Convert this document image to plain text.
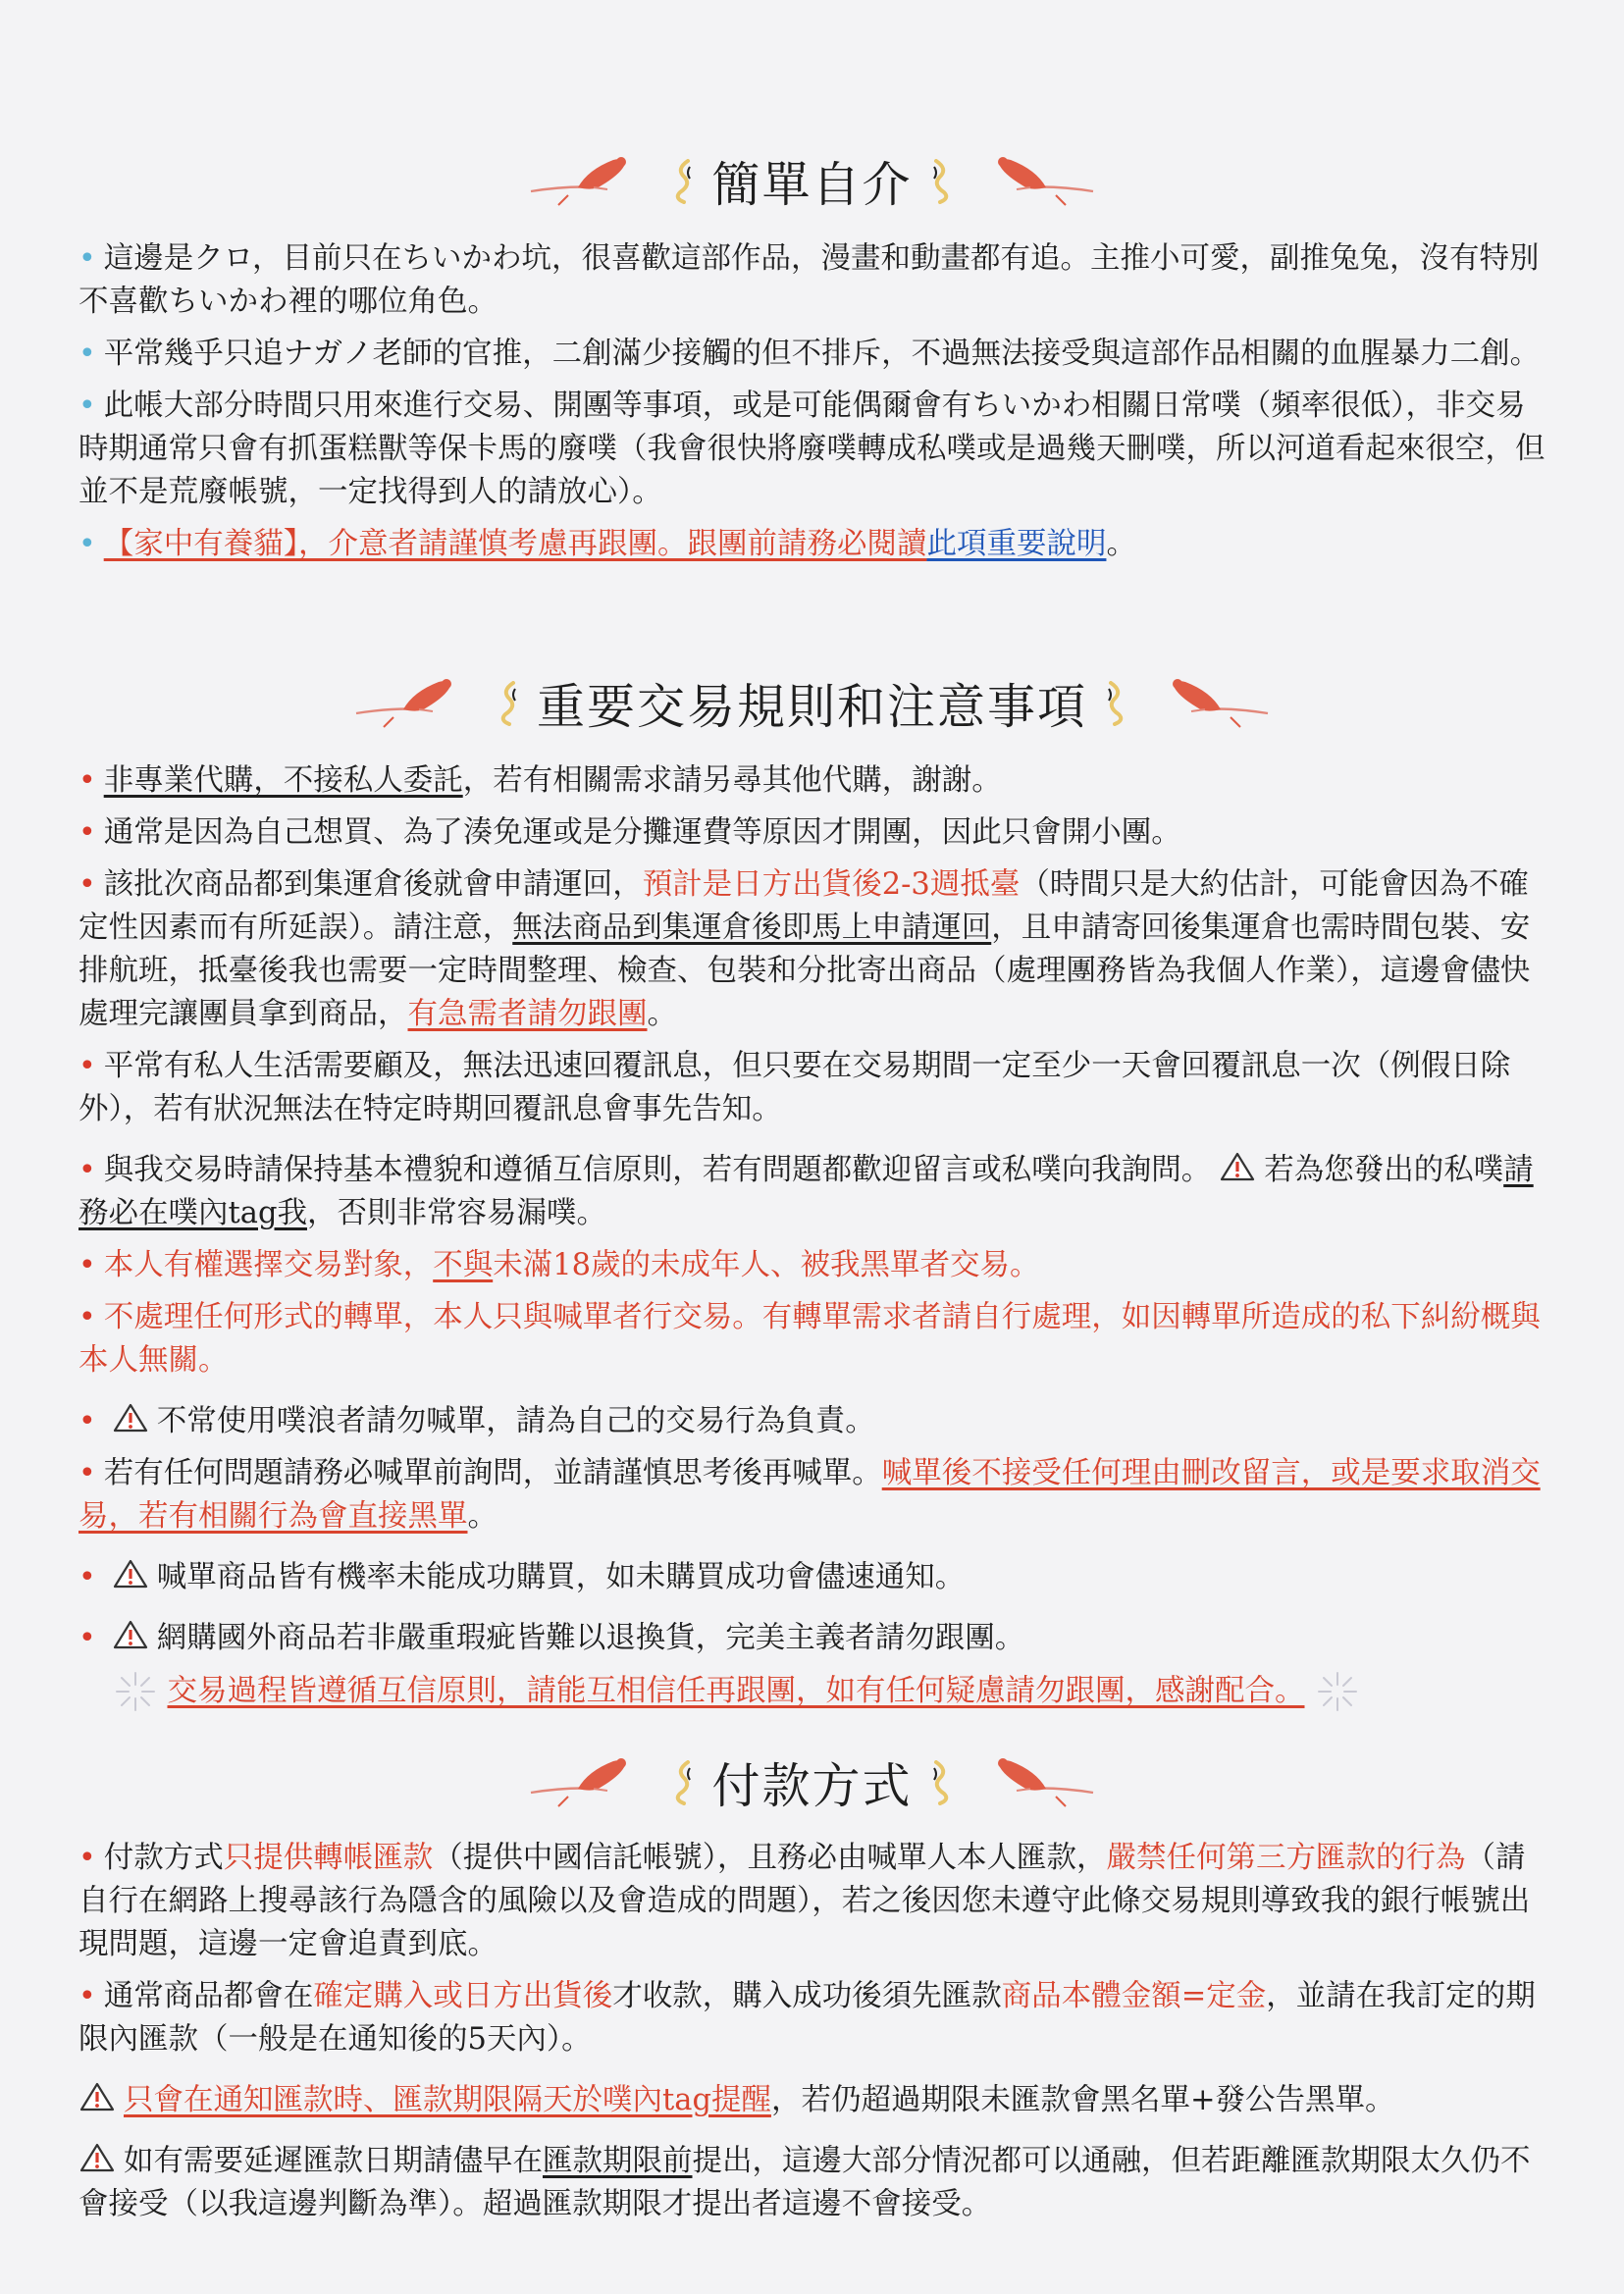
簡單自介

• 這邊是クロ，目前只在ちいかわ坑，很喜歡這部作品，漫畫和動畫都有追。主推小可愛，副推兔兔，沒有特別不喜歡ちいかわ裡的哪位角色。

• 平常幾乎只追ナガノ老師的官推，二創滿少接觸的但不排斥，不過無法接受與這部作品相關的血腥暴力二創。

• 此帳大部分時間只用來進行交易、開團等事項，或是可能偶爾會有ちいかわ相關日常噗（頻率很低），非交易時期通常只會有抓蛋糕獸等保卡馬的廢噗（我會很快將廢噗轉成私噗或是過幾天刪噗，所以河道看起來很空，但並不是荒廢帳號，一定找得到人的請放心）。

• 【家中有養貓】，介意者請謹慎考慮再跟團。跟團前請務必閱讀此項重要說明。

重要交易規則和注意事項

• 非專業代購，不接私人委託，若有相關需求請另尋其他代購，謝謝。

• 通常是因為自己想買、為了湊免運或是分攤運費等原因才開團，因此只會開小團。

• 該批次商品都到集運倉後就會申請運回，預計是日方出貨後2-3週抵臺（時間只是大約估計，可能會因為不確定性因素而有所延誤）。請注意，無法商品到集運倉後即馬上申請運回，且申請寄回後集運倉也需時間包裝、安排航班，抵臺後我也需要一定時間整理、檢查、包裝和分批寄出商品（處理團務皆為我個人作業），這邊會儘快處理完讓團員拿到商品，有急需者請勿跟團。

• 平常有私人生活需要顧及，無法迅速回覆訊息，但只要在交易期間一定至少一天會回覆訊息一次（例假日除外），若有狀況無法在特定時期回覆訊息會事先告知。

• 與我交易時請保持基本禮貌和遵循互信原則，若有問題都歡迎留言或私噗向我詢問。 若為您發出的私噗請務必在噗內tag我，否則非常容易漏噗。

• 本人有權選擇交易對象，不與未滿18歲的未成年人、被我黑單者交易。

• 不處理任何形式的轉單，本人只與喊單者行交易。有轉單需求者請自行處理，如因轉單所造成的私下糾紛概與本人無關。

• 不常使用噗浪者請勿喊單，請為自己的交易行為負責。

• 若有任何問題請務必喊單前詢問，並請謹慎思考後再喊單。喊單後不接受任何理由刪改留言，或是要求取消交易，若有相關行為會直接黑單。

• 喊單商品皆有機率未能成功購買，如未購買成功會儘速通知。

• 網購國外商品若非嚴重瑕疵皆難以退換貨，完美主義者請勿跟團。

交易過程皆遵循互信原則，請能互相信任再跟團，如有任何疑慮請勿跟團，感謝配合。
付款方式

• 付款方式只提供轉帳匯款（提供中國信託帳號），且務必由喊單人本人匯款，嚴禁任何第三方匯款的行為（請自行在網路上搜尋該行為隱含的風險以及會造成的問題），若之後因您未遵守此條交易規則導致我的銀行帳號出現問題，這邊一定會追責到底。

• 通常商品都會在確定購入或日方出貨後才收款，購入成功後須先匯款商品本體金額=定金，並請在我訂定的期限內匯款（一般是在通知後的5天內）。

只會在通知匯款時、匯款期限隔天於噗內tag提醒，若仍超過期限未匯款會黑名單+發公告黑單。

如有需要延遲匯款日期請儘早在匯款期限前提出，這邊大部分情況都可以通融，但若距離匯款期限太久仍不會接受（以我這邊判斷為準）。超過匯款期限才提出者這邊不會接受。
